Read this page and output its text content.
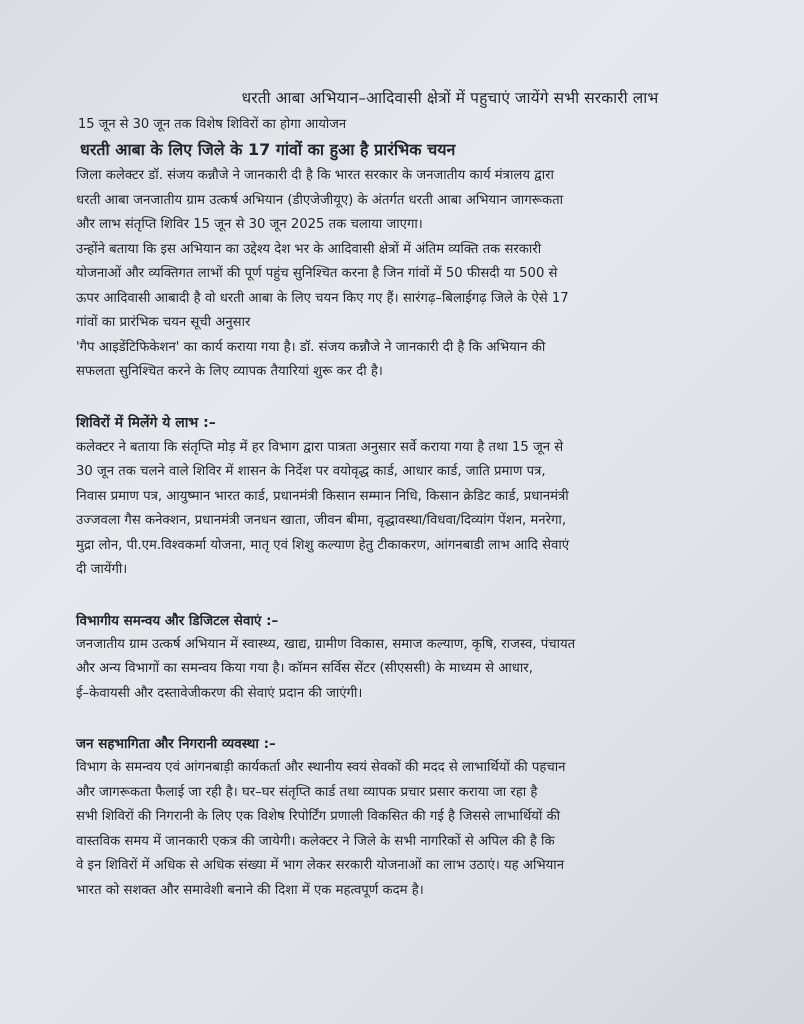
धरती आबा अभियान–आदिवासी क्षेत्रों में पहुचाएं जायेंगे सभी सरकारी लाभ
15 जून से 30 जून तक विशेष शिविरों का होगा आयोजन
धरती आबा के लिए जिले के 17 गांवों का हुआ है प्रारंभिक चयन

जिला कलेक्टर डॉ. संजय कन्नौजे ने जानकारी दी है कि भारत सरकार के जनजातीय कार्य मंत्रालय द्वारा
धरती आबा जनजातीय ग्राम उत्कर्ष अभियान (डीएजेजीयूए) के अंतर्गत धरती आबा अभियान जागरूकता
और लाभ संतृप्ति शिविर 15 जून से 30 जून 2025 तक चलाया जाएगा।
उन्होंने बताया कि इस अभियान का उद्देश्य देश भर के आदिवासी क्षेत्रों में अंतिम व्यक्ति तक सरकारी
योजनाओं और व्यक्तिगत लाभों की पूर्ण पहुंच सुनिश्चित करना है जिन गांवों में 50 फीसदी या 500 से
ऊपर आदिवासी आबादी है वो धरती आबा के लिए चयन किए गए हैं। सारंगढ़–बिलाईगढ़ जिले के ऐसे 17
गांवों का प्रारंभिक चयन सूची अनुसार
'गैप आइडेंटिफिकेशन' का कार्य कराया गया है। डॉ. संजय कन्नौजे ने जानकारी दी है कि अभियान की
सफलता सुनिश्चित करने के लिए व्यापक तैयारियां शुरू कर दी है।

शिविरों में मिलेंगे ये लाभ :–

कलेक्टर ने बताया कि संतृप्ति मोड़ में हर विभाग द्वारा पात्रता अनुसार सर्वे कराया गया है तथा 15 जून से
30 जून तक चलने वाले शिविर में शासन के निर्देश पर वयोवृद्ध कार्ड, आधार कार्ड, जाति प्रमाण पत्र,
निवास प्रमाण पत्र, आयुष्मान भारत कार्ड, प्रधानमंत्री किसान सम्मान निधि, किसान क्रेडिट कार्ड, प्रधानमंत्री
उज्जवला गैस कनेक्शन, प्रधानमंत्री जनधन खाता, जीवन बीमा, वृद्धावस्था/विधवा/दिव्यांग पेंशन, मनरेगा,
मुद्रा लोन, पी.एम.विश्वकर्मा योजना, मातृ एवं शिशु कल्याण हेतु टीकाकरण, आंगनबाडी लाभ आदि सेवाएं
दी जायेंगी।

विभागीय समन्वय और डिजिटल सेवाएं :–

जनजातीय ग्राम उत्कर्ष अभियान में स्वास्थ्य, खाद्य, ग्रामीण विकास, समाज कल्याण, कृषि, राजस्व, पंचायत
और अन्य विभागों का समन्वय किया गया है। कॉमन सर्विस सेंटर (सीएससी) के माध्यम से आधार,
ई–केवायसी और दस्तावेजीकरण की सेवाएं प्रदान की जाएंगी।

जन सहभागिता और निगरानी व्यवस्था :–

विभाग के समन्वय एवं आंगनबाड़ी कार्यकर्ता और स्थानीय स्वयं सेवकों की मदद से लाभार्थियों की पहचान
और जागरूकता फैलाई जा रही है। घर–घर संतृप्ति कार्ड तथा व्यापक प्रचार प्रसार कराया जा रहा है
सभी शिविरों की निगरानी के लिए एक विशेष रिपोर्टिंग प्रणाली विकसित की गई है जिससे लाभार्थियों की
वास्तविक समय में जानकारी एकत्र की जायेगी। कलेक्टर ने जिले के सभी नागरिकों से अपिल की है कि
वे इन शिविरों में अधिक से अधिक संख्या में भाग लेकर सरकारी योजनाओं का लाभ उठाएं। यह अभियान
भारत को सशक्त और समावेशी बनाने की दिशा में एक महत्वपूर्ण कदम है।
